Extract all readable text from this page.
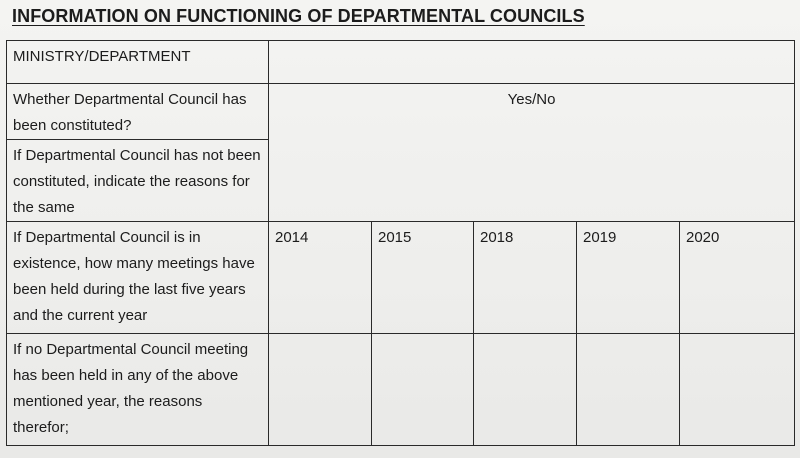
INFORMATION ON FUNCTIONING OF DEPARTMENTAL COUNCILS
MINISTRY/DEPARTMENT					
Whether Departmental Council has been constituted?	Yes/No				
If Departmental Council has not been constituted, indicate the reasons for the same					
If Departmental Council is in existence, how many meetings have been held during the last five years and the current year	2014	2015	2018	2019	2020
If no Departmental Council meeting has been held in any of the above mentioned year, the reasons therefor;					
